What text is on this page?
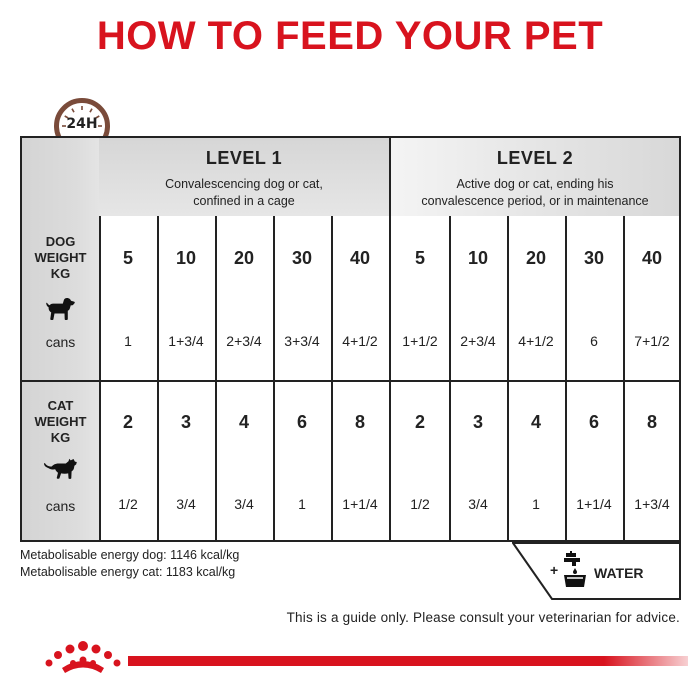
HOW TO FEED YOUR PET
24H
LEVEL 1
Convalescencing dog or cat,
confined in a cage
LEVEL 2
Active dog or cat, ending his
convalescence period, or in maintenance
DOG
WEIGHT
KG
cans
CAT
WEIGHT
KG
cans
5	10	20	30	40	5	10	20	30	40
1	1+3/4	2+3/4	3+3/4	4+1/2	1+1/2	2+3/4	4+1/2	6	7+1/2
2	3	4	6	8	2	3	4	6	8
1/2	3/4	3/4	1	1+1/4	1/2	3/4	1	1+1/4	1+3/4
Metabolisable energy dog: 1146 kcal/kg
Metabolisable energy cat: 1183 kcal/kg	+	WATER
This is a guide only. Please consult your veterinarian for advice.
